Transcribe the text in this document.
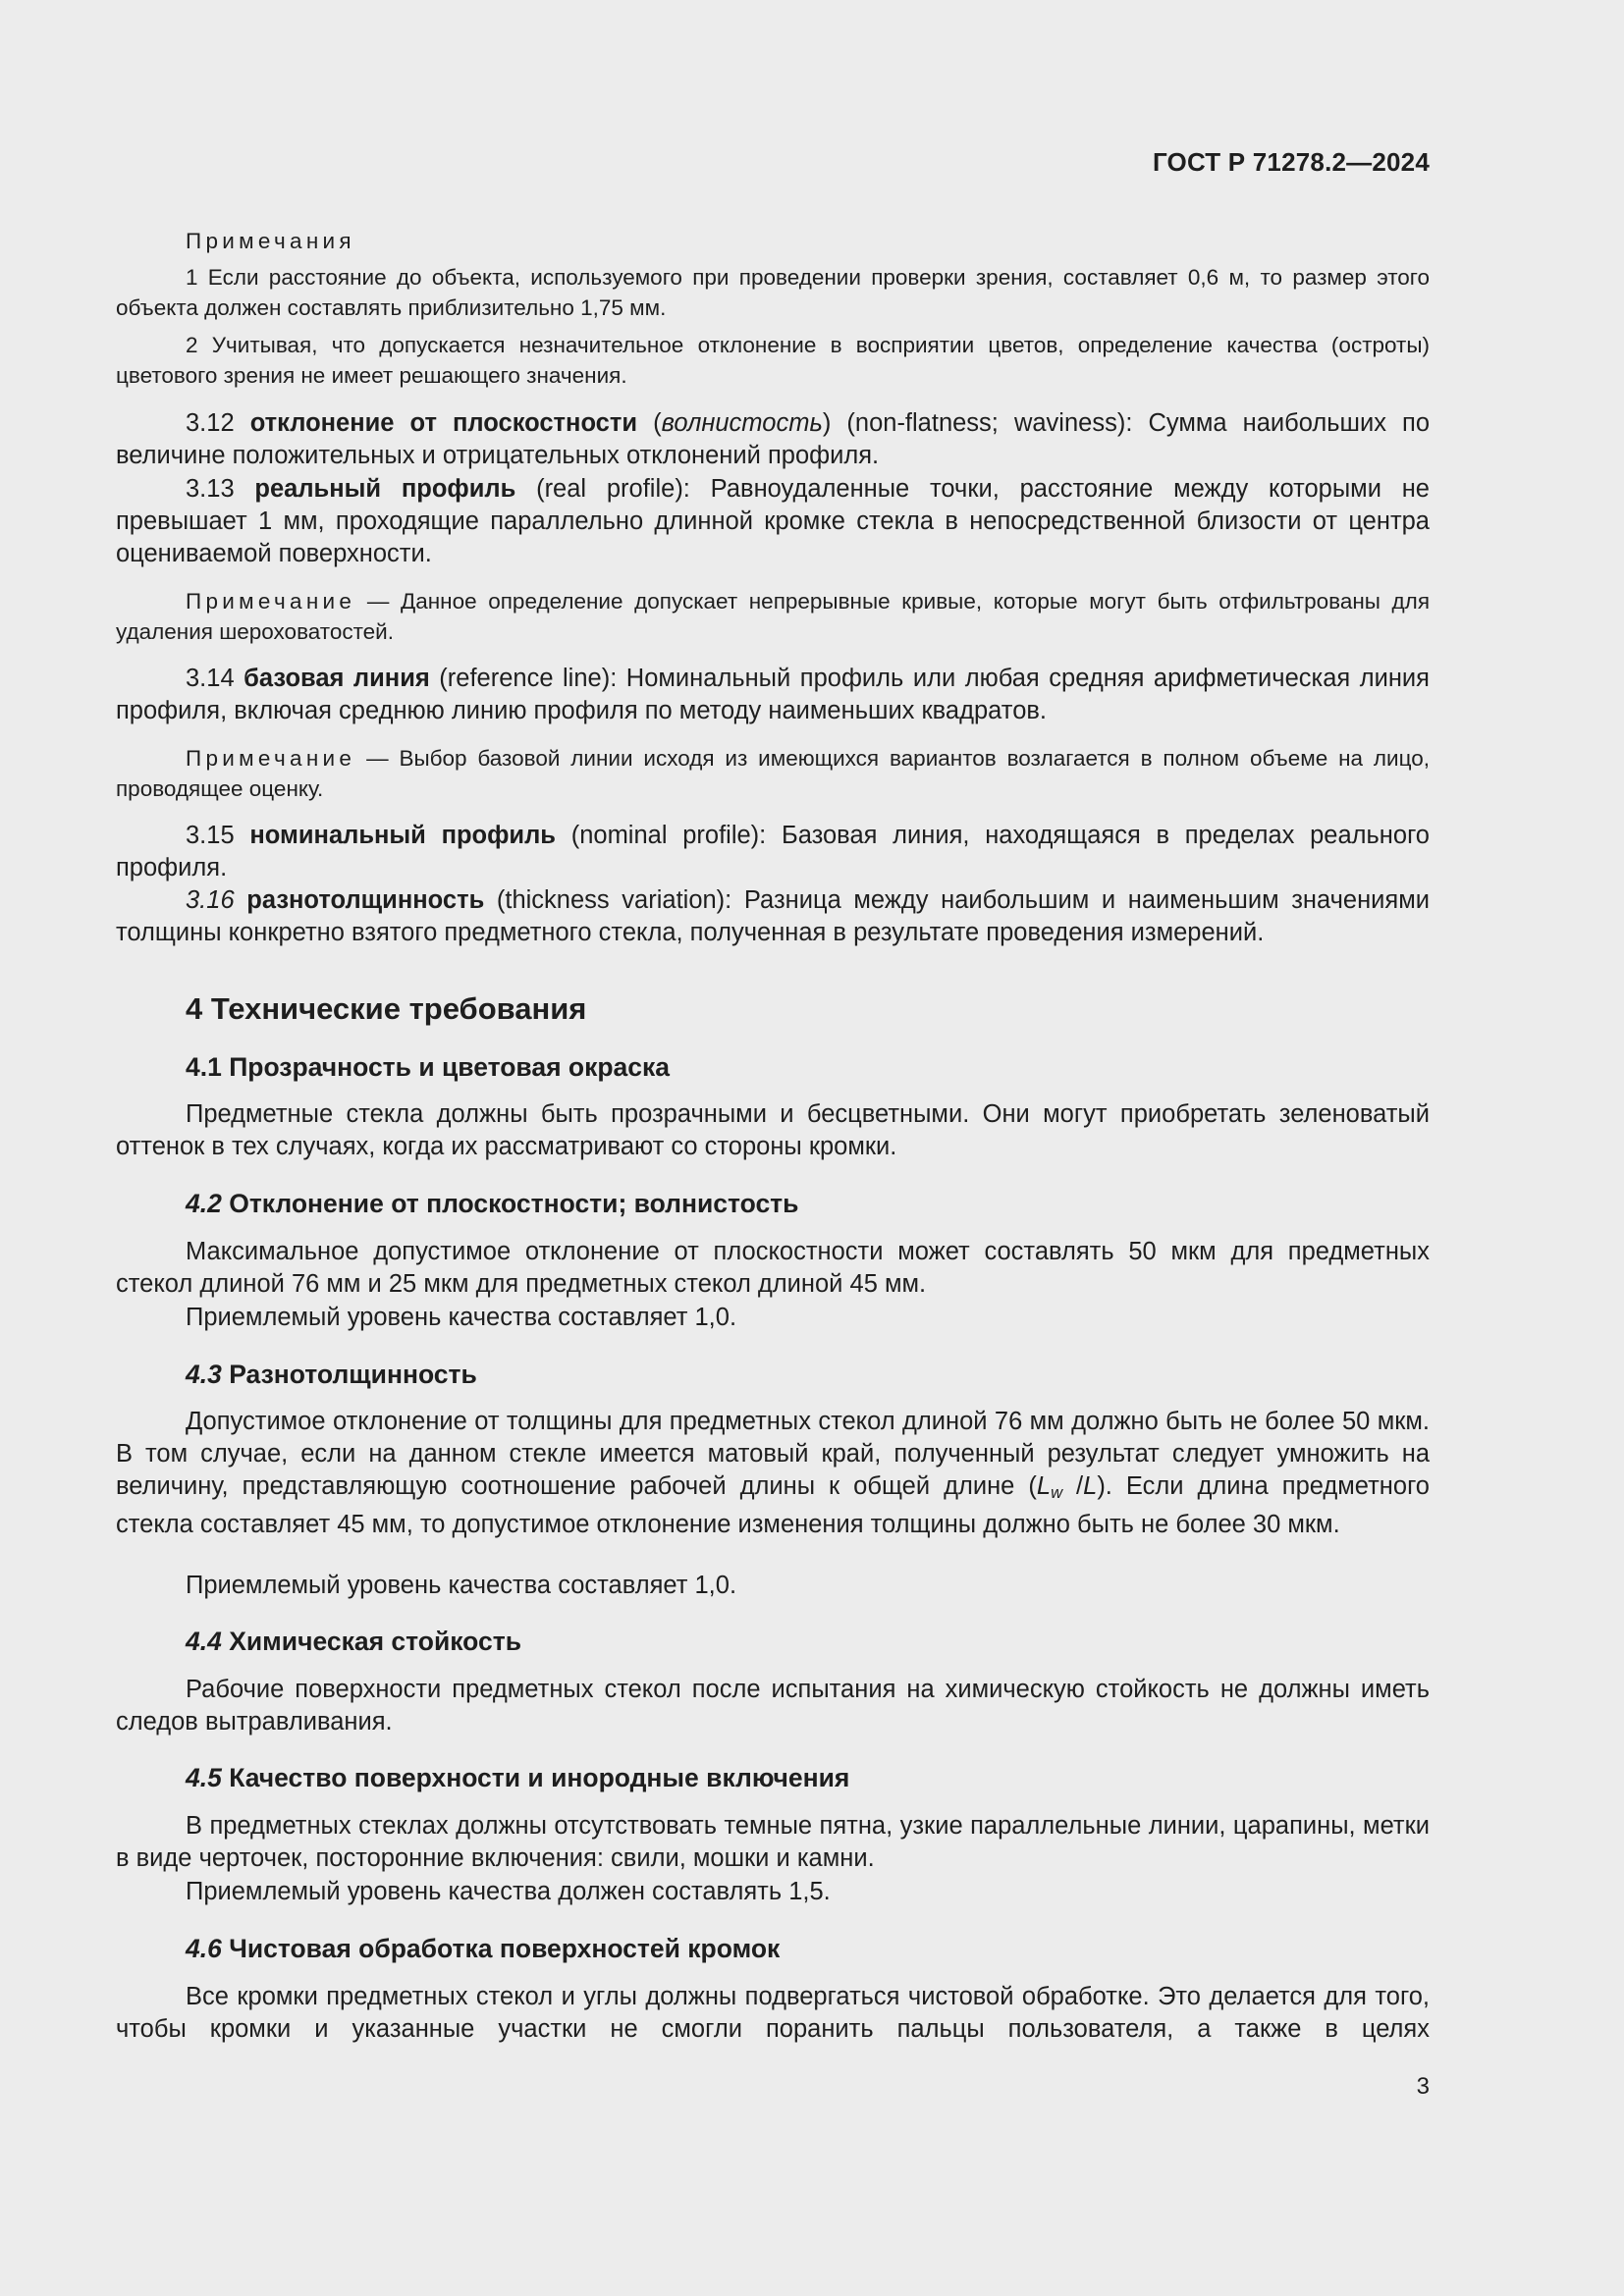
ГОСТ Р 71278.2—2024

Примечания

1 Если расстояние до объекта, используемого при проведении проверки зрения, составляет 0,6 м, то размер этого объекта должен составлять приблизительно 1,75 мм.

2 Учитывая, что допускается незначительное отклонение в восприятии цветов, определение качества (остроты) цветового зрения не имеет решающего значения.

3.12 отклонение от плоскостности (волнистость) (non-flatness; waviness): Сумма наибольших по величине положительных и отрицательных отклонений профиля.

3.13 реальный профиль (real profile): Равноудаленные точки, расстояние между которыми не превышает 1 мм, проходящие параллельно длинной кромке стекла в непосредственной близости от центра оцениваемой поверхности.

Примечание — Данное определение допускает непрерывные кривые, которые могут быть отфильтрованы для удаления шероховатостей.

3.14 базовая линия (reference line): Номинальный профиль или любая средняя арифметическая линия профиля, включая среднюю линию профиля по методу наименьших квадратов.

Примечание — Выбор базовой линии исходя из имеющихся вариантов возлагается в полном объеме на лицо, проводящее оценку.

3.15 номинальный профиль (nominal profile): Базовая линия, находящаяся в пределах реального профиля.

3.16 разнотолщинность (thickness variation): Разница между наибольшим и наименьшим значениями толщины конкретно взятого предметного стекла, полученная в результате проведения измерений.

4 Технические требования
4.1 Прозрачность и цветовая окраска

Предметные стекла должны быть прозрачными и бесцветными. Они могут приобретать зеленоватый оттенок в тех случаях, когда их рассматривают со стороны кромки.

4.2 Отклонение от плоскостности; волнистость

Максимальное допустимое отклонение от плоскостности может составлять 50 мкм для предметных стекол длиной 76 мм и 25 мкм для предметных стекол длиной 45 мм.

Приемлемый уровень качества составляет 1,0.

4.3 Разнотолщинность

Допустимое отклонение от толщины для предметных стекол длиной 76 мм должно быть не более 50 мкм. В том случае, если на данном стекле имеется матовый край, полученный результат следует умножить на величину, представляющую соотношение рабочей длины к общей длине ($L_w$ /L). Если длина предметного стекла составляет 45 мм, то допустимое отклонение изменения толщины должно быть не более 30 мкм.

Приемлемый уровень качества составляет 1,0.

4.4 Химическая стойкость

Рабочие поверхности предметных стекол после испытания на химическую стойкость не должны иметь следов вытравливания.

4.5 Качество поверхности и инородные включения

В предметных стеклах должны отсутствовать темные пятна, узкие параллельные линии, царапины, метки в виде черточек, посторонние включения: свили, мошки и камни.

Приемлемый уровень качества должен составлять 1,5.

4.6 Чистовая обработка поверхностей кромок

Все кромки предметных стекол и углы должны подвергаться чистовой обработке. Это делается для того, чтобы кромки и указанные участки не смогли поранить пальцы пользователя, а также в целях

3
